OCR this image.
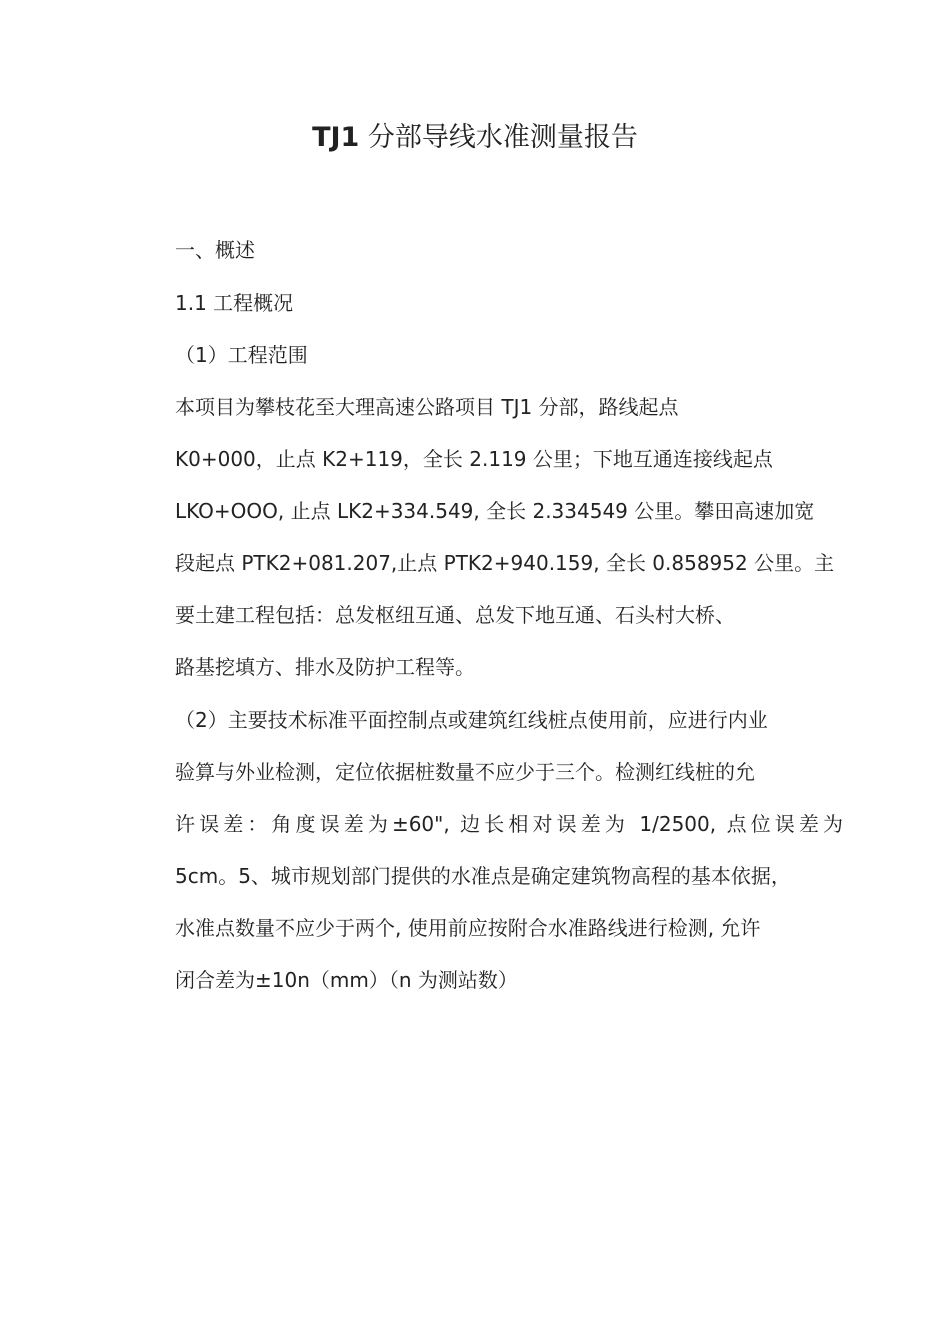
TJ1 分部导线水准测量报告
一、概述
1.1 工程概况
（1）工程范围
本项目为攀枝花至大理高速公路项目 TJ1 分部，路线起点
K0+000，止点 K2+119，全长 2.119 公里；下地互通连接线起点
LKO+OOO, 止点 LK2+334.549, 全长 2.334549 公里。攀田高速加宽
段起点 PTK2+081.207,止点 PTK2+940.159, 全长 0.858952 公里。主
要土建工程包括：总发枢纽互通、总发下地互通、石头村大桥、
路基挖填方、排水及防护工程等。
（2）主要技术标准平面控制点或建筑红线桩点使用前，应进行内业
验算与外业检测，定位依据桩数量不应少于三个。检测红线桩的允
许误差：角度误差为±60", 边长相对误差为 1/2500, 点位误差为
5cm。5、城市规划部门提供的水准点是确定建筑物高程的基本依据，
水准点数量不应少于两个, 使用前应按附合水准路线进行检测, 允许
闭合差为±10n（mm）（n 为测站数）
